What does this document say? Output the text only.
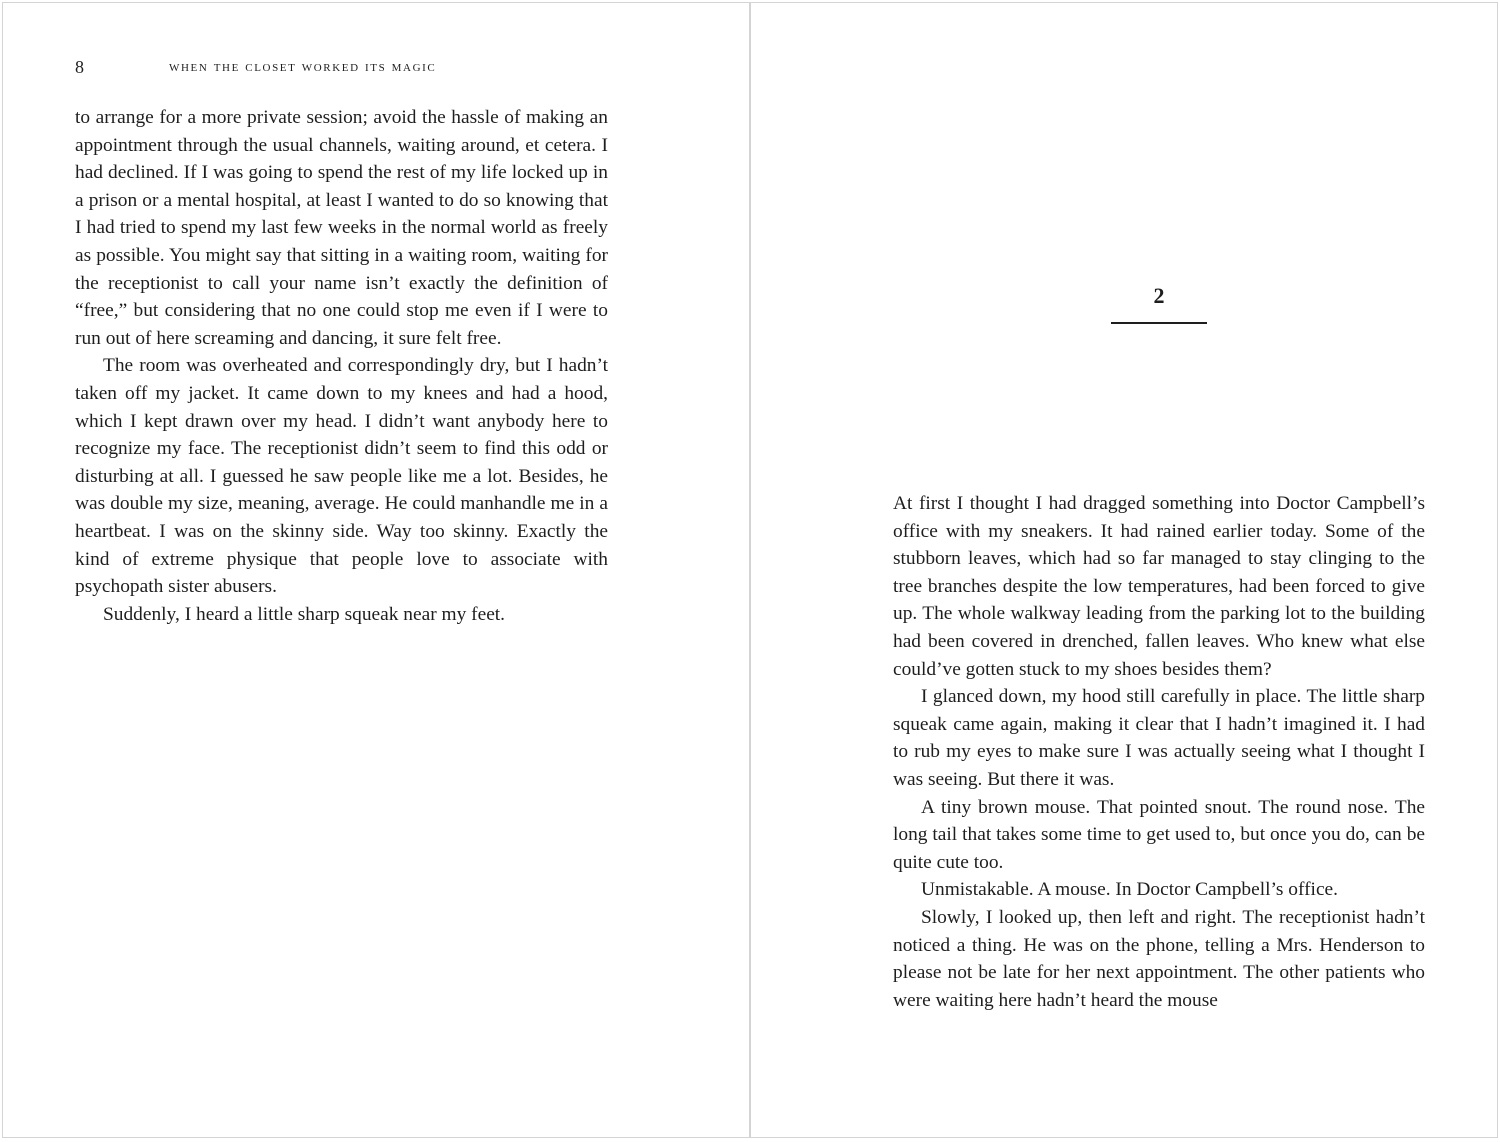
8	when the closet worked its magic

to arrange for a more private session; avoid the hassle of making an appointment through the usual channels, waiting around, et cetera. I had declined. If I was going to spend the rest of my life locked up in a prison or a mental hospital, at least I wanted to do so knowing that I had tried to spend my last few weeks in the normal world as freely as possible. You might say that sitting in a waiting room, waiting for the receptionist to call your name isn’t exactly the definition of “free,” but considering that no one could stop me even if I were to run out of here screaming and dancing, it sure felt free.

The room was overheated and correspondingly dry, but I hadn’t taken off my jacket. It came down to my knees and had a hood, which I kept drawn over my head. I didn’t want anybody here to recognize my face. The receptionist didn’t seem to find this odd or disturbing at all. I guessed he saw people like me a lot. Besides, he was double my size, meaning, average. He could manhandle me in a heartbeat. I was on the skinny side. Way too skinny. Exactly the kind of extreme physique that people love to associate with psychopath sister abusers.

Suddenly, I heard a little sharp squeak near my feet.

2

At first I thought I had dragged something into Doctor Campbell’s office with my sneakers. It had rained earlier today. Some of the stubborn leaves, which had so far managed to stay clinging to the tree branches despite the low temperatures, had been forced to give up. The whole walkway leading from the parking lot to the building had been covered in drenched, fallen leaves. Who knew what else could’ve gotten stuck to my shoes besides them?

I glanced down, my hood still carefully in place. The little sharp squeak came again, making it clear that I hadn’t imagined it. I had to rub my eyes to make sure I was actually seeing what I thought I was seeing. But there it was.

A tiny brown mouse. That pointed snout. The round nose. The long tail that takes some time to get used to, but once you do, can be quite cute too.

Unmistakable. A mouse. In Doctor Campbell’s office.

Slowly, I looked up, then left and right. The receptionist hadn’t noticed a thing. He was on the phone, telling a Mrs. Henderson to please not be late for her next appointment. The other patients who were waiting here hadn’t heard the mouse
